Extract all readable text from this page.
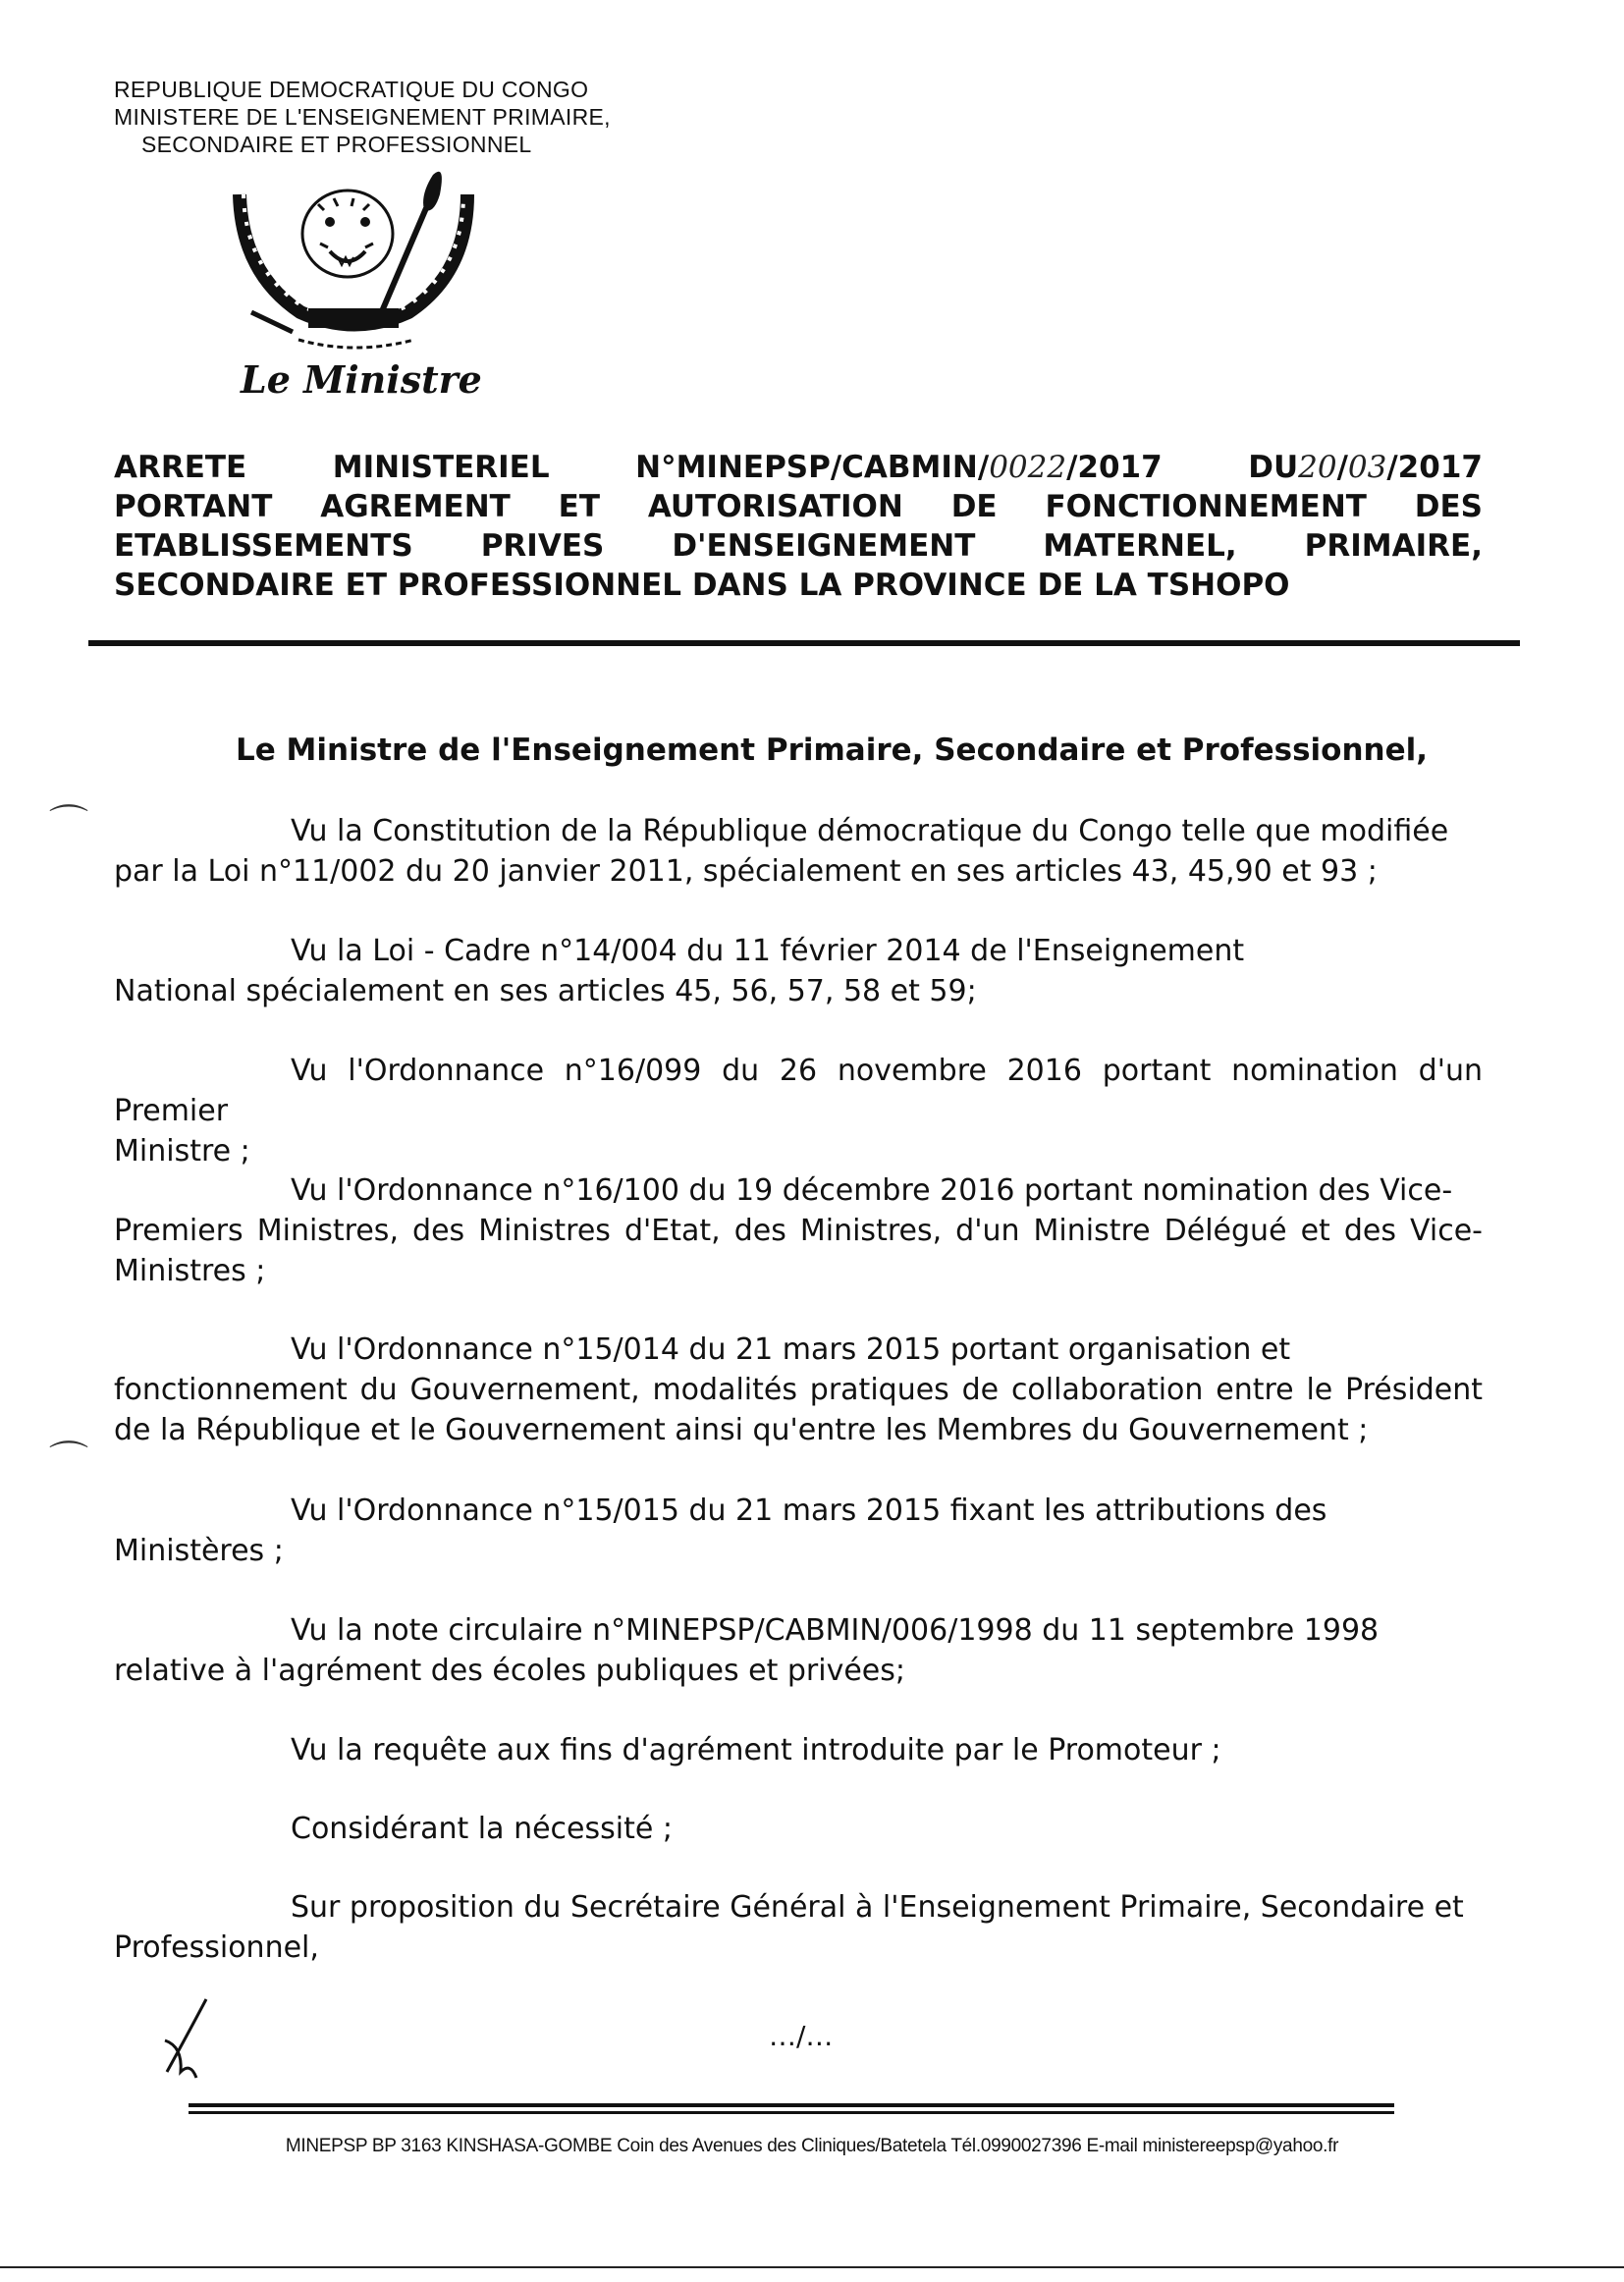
REPUBLIQUE DEMOCRATIQUE DU CONGO
MINISTERE DE L'ENSEIGNEMENT PRIMAIRE,
SECONDAIRE ET PROFESSIONNEL
Le Ministre
ARRETE	MINISTERIEL	N°MINEPSP/CABMIN/0022/2017	DU20/03/2017
PORTANT AGREMENT ET AUTORISATION DE FONCTIONNEMENT DES
ETABLISSEMENTS PRIVES D'ENSEIGNEMENT MATERNEL, PRIMAIRE,
SECONDAIRE ET PROFESSIONNEL DANS LA PROVINCE DE LA TSHOPO
Le Ministre de l'Enseignement Primaire, Secondaire et Professionnel,
⌒	Vu la Constitution de la République démocratique du Congo telle que modifiée
par la Loi n°11/002 du 20 janvier 2011, spécialement en ses articles 43, 45,90 et 93 ;
Vu la Loi - Cadre n°14/004 du 11 février 2014 de l'Enseignement
National spécialement en ses articles 45, 56, 57, 58 et 59;
Vu l'Ordonnance n°16/099 du 26 novembre 2016 portant nomination d'un Premier
Ministre ;
Vu l'Ordonnance n°16/100 du 19 décembre 2016 portant nomination des Vice-
Premiers Ministres, des Ministres d'Etat, des Ministres, d'un Ministre Délégué et des Vice- Ministres ;
Vu l'Ordonnance n°15/014 du 21 mars 2015 portant organisation et
fonctionnement du Gouvernement, modalités pratiques de collaboration entre le Président de la République et le Gouvernement ainsi qu'entre les Membres du Gouvernement ;
⌒
Vu l'Ordonnance n°15/015 du 21 mars 2015 fixant les attributions des
Ministères ;
Vu la note circulaire n°MINEPSP/CABMIN/006/1998 du 11 septembre 1998
relative à l'agrément des écoles publiques et privées;
Vu la requête aux fins d'agrément introduite par le Promoteur ;
Considérant la nécessité ;
Sur proposition du Secrétaire Général à l'Enseignement Primaire, Secondaire et
Professionnel,
…/…
MINEPSP BP 3163 KINSHASA-GOMBE Coin des Avenues des Cliniques/Batetela Tél.0990027396 E-mail ministereepsp@yahoo.fr
